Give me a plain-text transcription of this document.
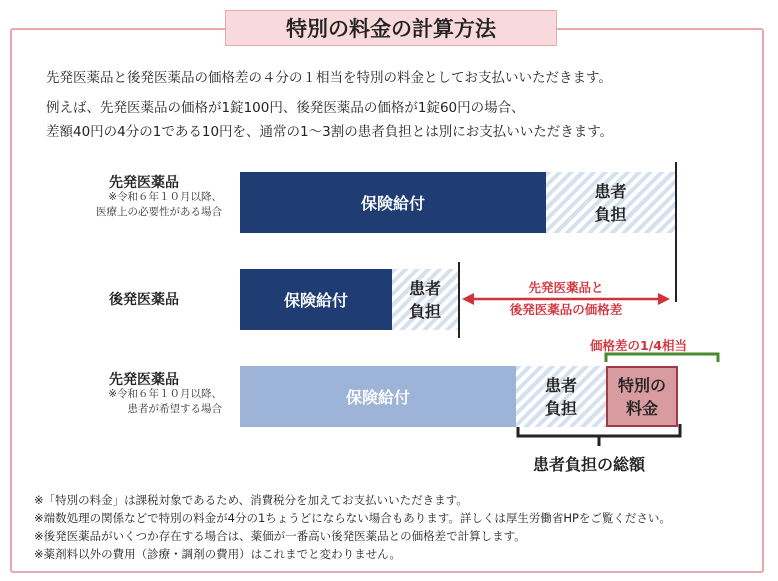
特別の料金の計算方法
先発医薬品と後発医薬品の価格差の４分の１相当を特別の料金としてお支払いいただきます。
例えば、先発医薬品の価格が1錠100円、後発医薬品の価格が1錠60円の場合、
差額40円の4分の1である10円を、通常の1～3割の患者負担とは別にお支払いいただきます。
先発医薬品
※令和６年１０月以降、
医療上の必要性がある場合	保険給付
患者
負担
後発医薬品	保険給付
患者
負担
先発医薬品と
後発医薬品の価格差
先発医薬品
※令和６年１０月以降、
患者が希望する場合
保険給付
患者
負担
特別の
料金
価格差の1/4相当
患者負担の総額
※「特別の料金」は課税対象であるため、消費税分を加えてお支払いいただきます。
※端数処理の関係などで特別の料金が4分の1ちょうどにならない場合もあります。詳しくは厚生労働省HPをご覧ください。
※後発医薬品がいくつか存在する場合は、薬価が一番高い後発医薬品との価格差で計算します。
※薬剤料以外の費用（診療・調剤の費用）はこれまでと変わりません。
